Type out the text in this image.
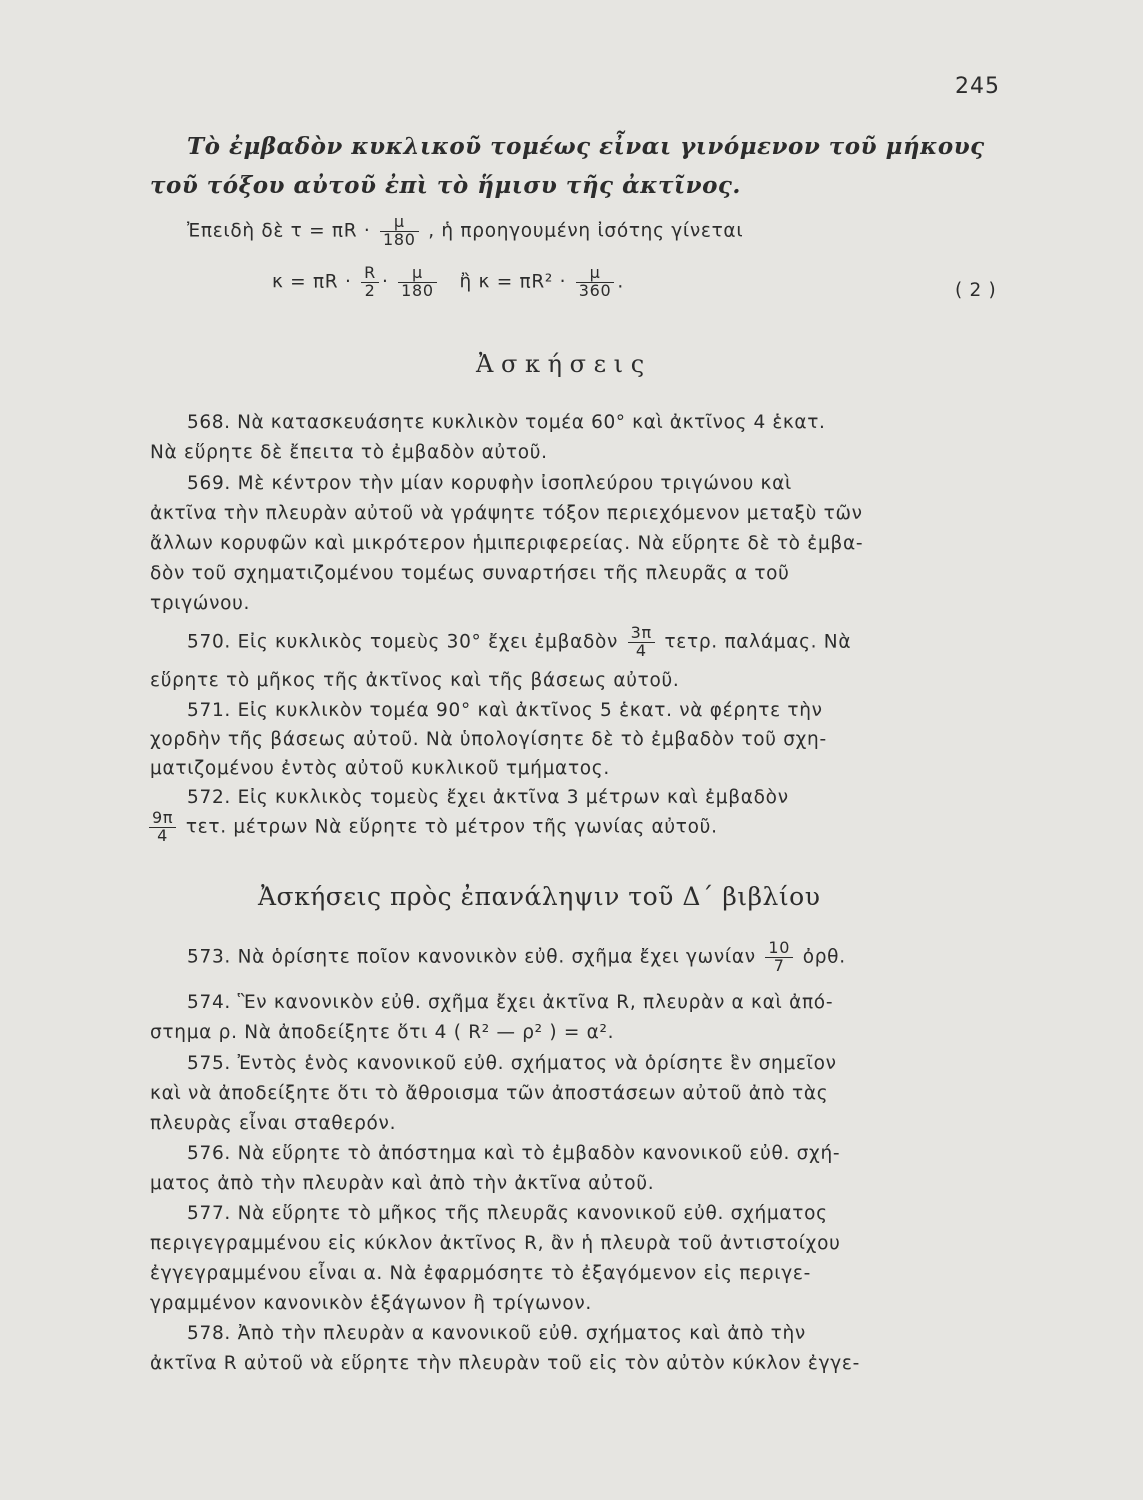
245
Τὸ ἐμβαδὸν κυκλικοῦ τομέως εἶναι γινόμενον τοῦ μήκους
τοῦ τόξου αὐτοῦ ἐπὶ τὸ ἥμισυ τῆς ἀκτῖνος.
Ἐπειδὴ δὲ $\tau = \pi R \cdot \frac{\mu}{180}$ , ἡ προηγουμένη ἰσότης γίνεται
$\kappa = \pi R \cdot \frac{R}{2} \cdot \frac{\mu}{180}$ ἢ $\kappa = \pi R^2 \cdot \frac{\mu}{360}$ .	( 2 )
Ἀ σ κ ή σ ε ι ς
568. Νὰ κατασκευάσητε κυκλικὸν τομέα 60° καὶ ἀκτῖνος 4 ἑκατ.
Νὰ εὕρητε δὲ ἔπειτα τὸ ἐμβαδὸν αὐτοῦ.
569. Μὲ κέντρον τὴν μίαν κορυφὴν ἰσοπλεύρου τριγώνου καὶ
ἀκτῖνα τὴν πλευρὰν αὐτοῦ νὰ γράψητε τόξον περιεχόμενον μεταξὺ τῶν
ἄλλων κορυφῶν καὶ μικρότερον ἡμιπεριφερείας. Νὰ εὕρητε δὲ τὸ ἐμβα-
δὸν τοῦ σχηματιζομένου τομέως συναρτήσει τῆς πλευρᾶς α τοῦ
τριγώνου.
570. Εἰς κυκλικὸς τομεὺς 30° ἔχει ἐμβαδὸν $\frac{3\pi}{4} \tau\varepsilon\tau\rho$. παλάμας. Νὰ
εὕρητε τὸ μῆκος τῆς ἀκτῖνος καὶ τῆς βάσεως αὐτοῦ.
571. Εἰς κυκλικὸν τομέα 90° καὶ ἀκτῖνος 5 ἑκατ. νὰ φέρητε τὴν
χορδὴν τῆς βάσεως αὐτοῦ. Νὰ ὑπολογίσητε δὲ τὸ ἐμβαδὸν τοῦ σχη-
ματιζομένου ἐντὸς αὐτοῦ κυκλικοῦ τμήματος.
572. Εἰς κυκλικὸς τομεὺς ἔχει ἀκτῖνα 3 μέτρων καὶ ἐμβαδὸν
$\frac{9\pi}{4} \tau\varepsilon\tau$. μέτρων Νὰ εὕρητε τὸ μέτρον τῆς γωνίας αὐτοῦ.
Ἀσκήσεις πρὸς ἐπανάληψιν τοῦ Δ΄ βιβλίου
573. Νὰ ὁρίσητε ποῖον κανονικὸν εὐθ. σχῆμα ἔχει γωνίαν $\frac{10}{7}$ ὀρθ.
574. Ἓν κανονικὸν εὐθ. σχῆμα ἔχει ἀκτῖνα R, πλευρὰν α καὶ ἀπό-
στημα ρ. Νὰ ἀποδείξητε ὅτι 4 ( R² — ρ² ) = α².
575. Ἐντὸς ἑνὸς κανονικοῦ εὐθ. σχήματος νὰ ὁρίσητε ἓν σημεῖον
καὶ νὰ ἀποδείξητε ὅτι τὸ ἄθροισμα τῶν ἀποστάσεων αὐτοῦ ἀπὸ τὰς
πλευρὰς εἶναι σταθερόν.
576. Νὰ εὕρητε τὸ ἀπόστημα καὶ τὸ ἐμβαδὸν κανονικοῦ εὐθ. σχή-
ματος ἀπὸ τὴν πλευρὰν καὶ ἀπὸ τὴν ἀκτῖνα αὐτοῦ.
577. Νὰ εὕρητε τὸ μῆκος τῆς πλευρᾶς κανονικοῦ εὐθ. σχήματος
περιγεγραμμένου εἰς κύκλον ἀκτῖνος R, ἂν ἡ πλευρὰ τοῦ ἀντιστοίχου
ἐγγεγραμμένου εἶναι α. Νὰ ἐφαρμόσητε τὸ ἐξαγόμενον εἰς περιγε-
γραμμένον κανονικὸν ἑξάγωνον ἢ τρίγωνον.
578. Ἀπὸ τὴν πλευρὰν α κανονικοῦ εὐθ. σχήματος καὶ ἀπὸ τὴν
ἀκτῖνα R αὐτοῦ νὰ εὕρητε τὴν πλευρὰν τοῦ εἰς τὸν αὐτὸν κύκλον ἐγγε-
